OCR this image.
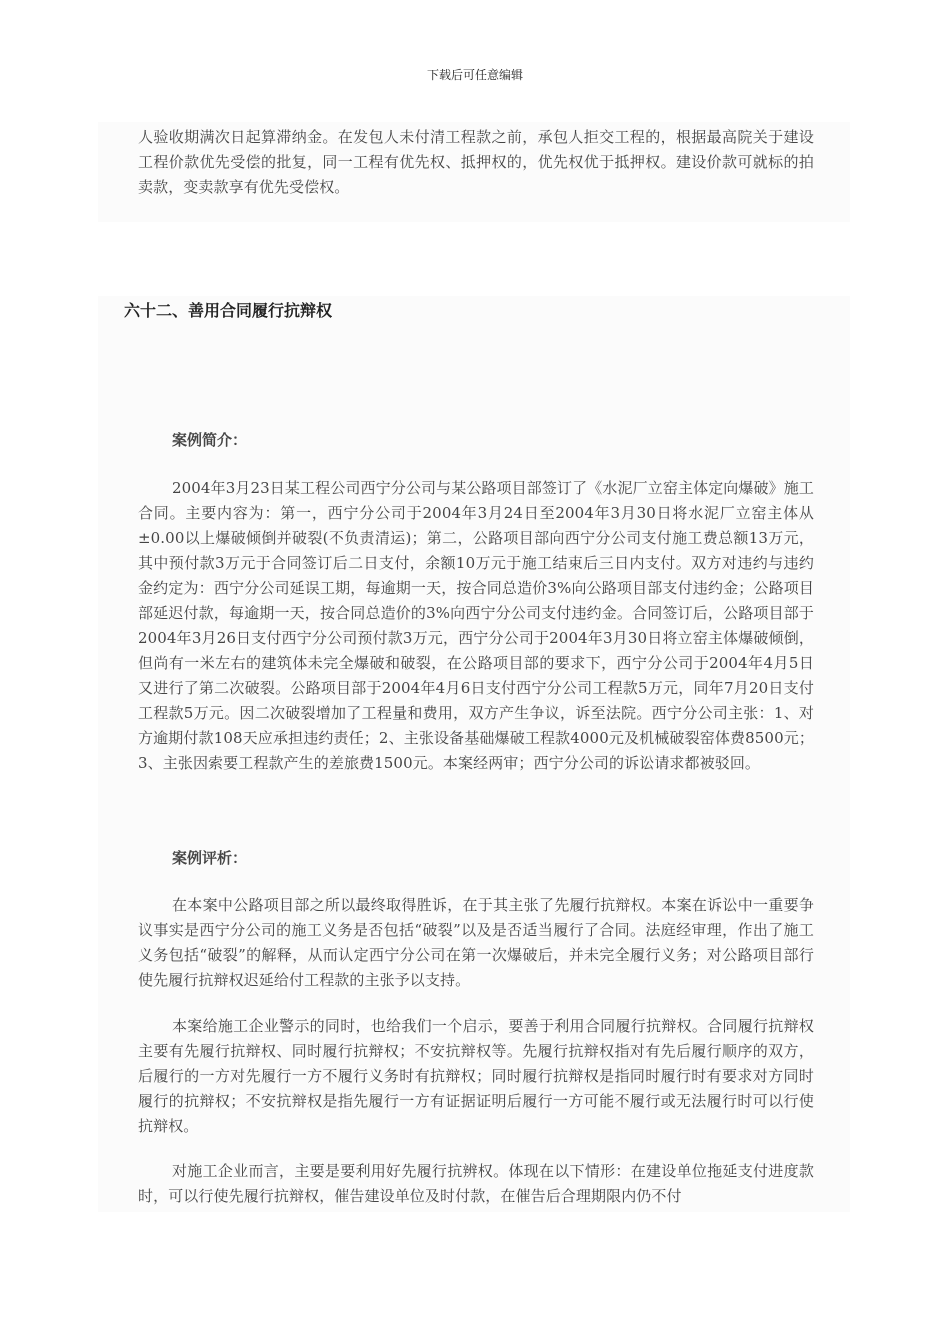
下载后可任意编辑

人验收期满次日起算滞纳金。在发包人未付清工程款之前，承包人拒交工程的，根据最高院关于建设工程价款优先受偿的批复，同一工程有优先权、抵押权的，优先权优于抵押权。建设价款可就标的拍卖款，变卖款享有优先受偿权。

六十二、善用合同履行抗辩权
案例简介：

2004年3月23日某工程公司西宁分公司与某公路项目部签订了《水泥厂立窑主体定向爆破》施工合同。主要内容为：第一，西宁分公司于2004年3月24日至2004年3月30日将水泥厂立窑主体从±0.00以上爆破倾倒并破裂(不负责清运)；第二，公路项目部向西宁分公司支付施工费总额13万元，其中预付款3万元于合同签订后二日支付，余额10万元于施工结束后三日内支付。双方对违约与违约金约定为：西宁分公司延误工期，每逾期一天，按合同总造价3%向公路项目部支付违约金；公路项目部延迟付款，每逾期一天，按合同总造价的3%向西宁分公司支付违约金。合同签订后，公路项目部于2004年3月26日支付西宁分公司预付款3万元，西宁分公司于2004年3月30日将立窑主体爆破倾倒，但尚有一米左右的建筑体未完全爆破和破裂，在公路项目部的要求下，西宁分公司于2004年4月5日又进行了第二次破裂。公路项目部于2004年4月6日支付西宁分公司工程款5万元，同年7月20日支付工程款5万元。因二次破裂增加了工程量和费用，双方产生争议，诉至法院。西宁分公司主张：1、对方逾期付款108天应承担违约责任；2、主张设备基础爆破工程款4000元及机械破裂窑体费8500元；3、主张因索要工程款产生的差旅费1500元。本案经两审；西宁分公司的诉讼请求都被驳回。

案例评析：

在本案中公路项目部之所以最终取得胜诉，在于其主张了先履行抗辩权。本案在诉讼中一重要争议事实是西宁分公司的施工义务是否包括“破裂”以及是否适当履行了合同。法庭经审理，作出了施工义务包括“破裂”的解释，从而认定西宁分公司在第一次爆破后，并未完全履行义务；对公路项目部行使先履行抗辩权迟延给付工程款的主张予以支持。

本案给施工企业警示的同时，也给我们一个启示，要善于利用合同履行抗辩权。合同履行抗辩权主要有先履行抗辩权、同时履行抗辩权；不安抗辩权等。先履行抗辩权指对有先后履行顺序的双方，后履行的一方对先履行一方不履行义务时有抗辩权；同时履行抗辩权是指同时履行时有要求对方同时履行的抗辩权；不安抗辩权是指先履行一方有证据证明后履行一方可能不履行或无法履行时可以行使抗辩权。

对施工企业而言，主要是要利用好先履行抗辨权。体现在以下情形：在建设单位拖延支付进度款时，可以行使先履行抗辩权，催告建设单位及时付款，在催告后合理期限内仍不付
